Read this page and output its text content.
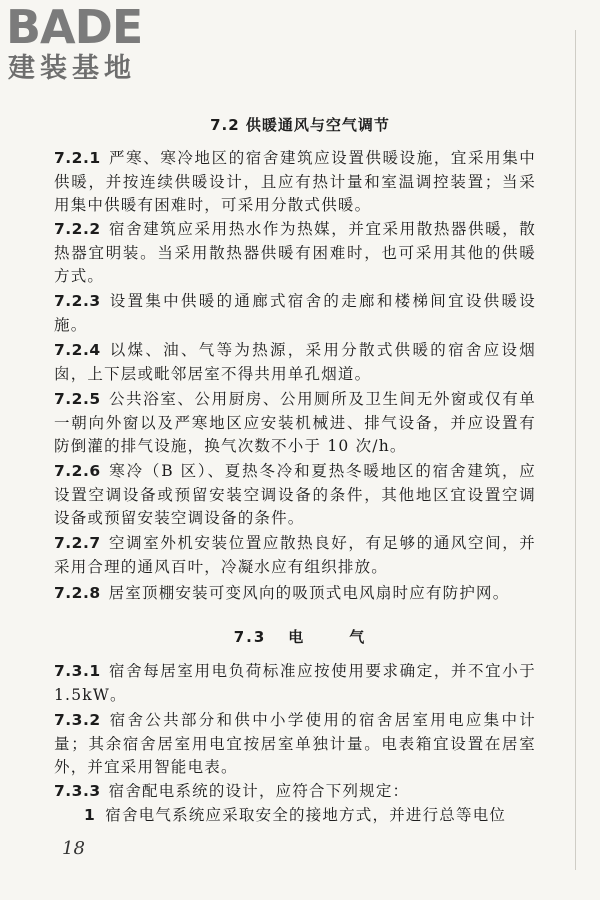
BADE

建装基地

7.2 供暖通风与空气调节

7.2.1 严寒、寒冷地区的宿舍建筑应设置供暖设施，宜采用集中供暖，并按连续供暖设计，且应有热计量和室温调控装置；当采用集中供暖有困难时，可采用分散式供暖。

7.2.2 宿舍建筑应采用热水作为热媒，并宜采用散热器供暖，散热器宜明装。当采用散热器供暖有困难时，也可采用其他的供暖方式。

7.2.3 设置集中供暖的通廊式宿舍的走廊和楼梯间宜设供暖设施。

7.2.4 以煤、油、气等为热源，采用分散式供暖的宿舍应设烟囱，上下层或毗邻居室不得共用单孔烟道。

7.2.5 公共浴室、公用厨房、公用厕所及卫生间无外窗或仅有单一朝向外窗以及严寒地区应安装机械进、排气设备，并应设置有防倒灌的排气设施，换气次数不小于 10 次/h。

7.2.6 寒冷（B 区）、夏热冬冷和夏热冬暖地区的宿舍建筑，应设置空调设备或预留安装空调设备的条件，其他地区宜设置空调设备或预留安装空调设备的条件。

7.2.7 空调室外机安装位置应散热良好，有足够的通风空间，并采用合理的通风百叶，冷凝水应有组织排放。

7.2.8 居室顶棚安装可变风向的吸顶式电风扇时应有防护网。

7.3 电	气

7.3.1 宿舍每居室用电负荷标准应按使用要求确定，并不宜小于 1.5kW。

7.3.2 宿舍公共部分和供中小学使用的宿舍居室用电应集中计量；其余宿舍居室用电宜按居室单独计量。电表箱宜设置在居室外，并宜采用智能电表。

7.3.3 宿舍配电系统的设计，应符合下列规定：

1 宿舍电气系统应采取安全的接地方式，并进行总等电位

18
